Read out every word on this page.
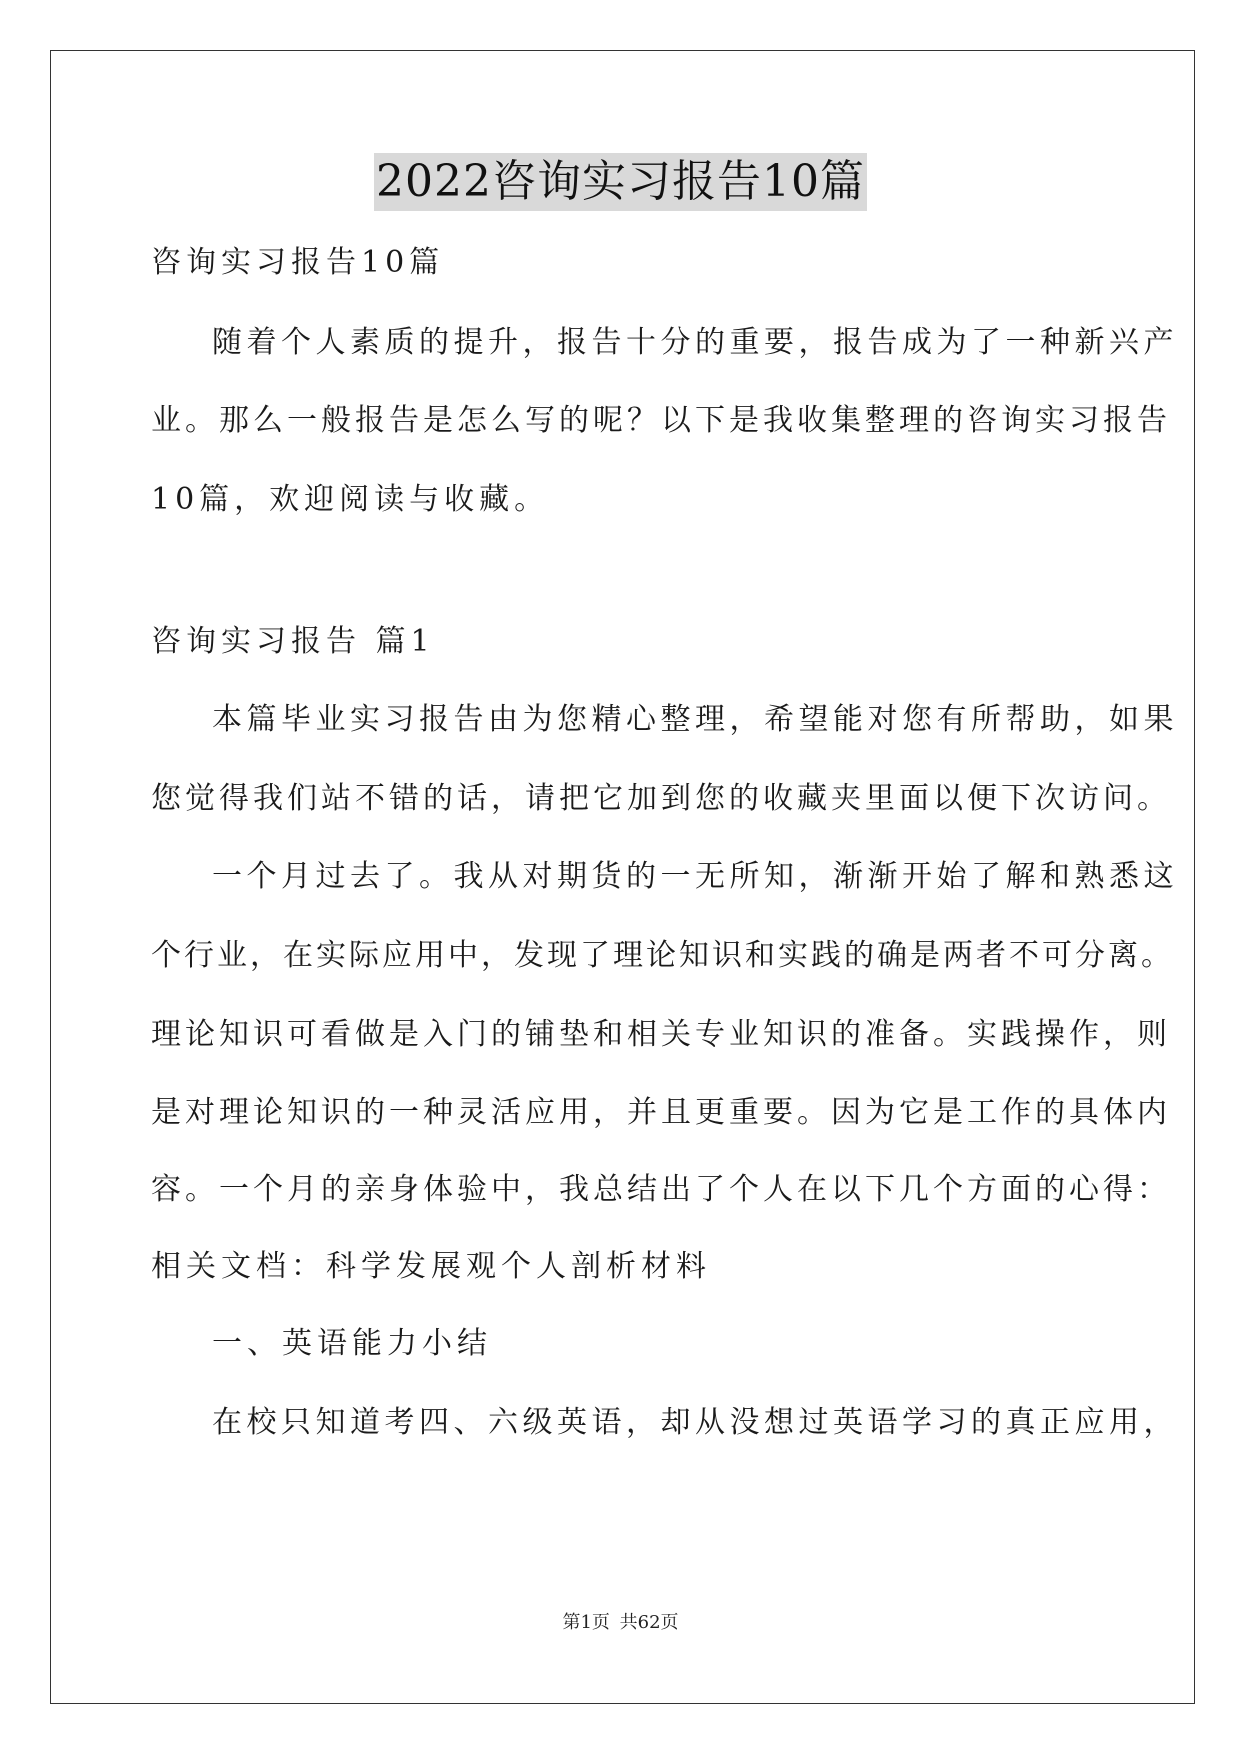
2022咨询实习报告10篇
咨询实习报告10篇
随着个人素质的提升，报告十分的重要，报告成为了一种新兴产
业。那么一般报告是怎么写的呢？以下是我收集整理的咨询实习报告
10篇，欢迎阅读与收藏。
咨询实习报告 篇1
本篇毕业实习报告由为您精心整理，希望能对您有所帮助，如果
您觉得我们站不错的话，请把它加到您的收藏夹里面以便下次访问。
一个月过去了。我从对期货的一无所知，渐渐开始了解和熟悉这
个行业，在实际应用中，发现了理论知识和实践的确是两者不可分离。
理论知识可看做是入门的铺垫和相关专业知识的准备。实践操作，则
是对理论知识的一种灵活应用，并且更重要。因为它是工作的具体内
容。一个月的亲身体验中，我总结出了个人在以下几个方面的心得：
相关文档：科学发展观个人剖析材料
一、英语能力小结
在校只知道考四、六级英语，却从没想过英语学习的真正应用，
第1页 共62页
